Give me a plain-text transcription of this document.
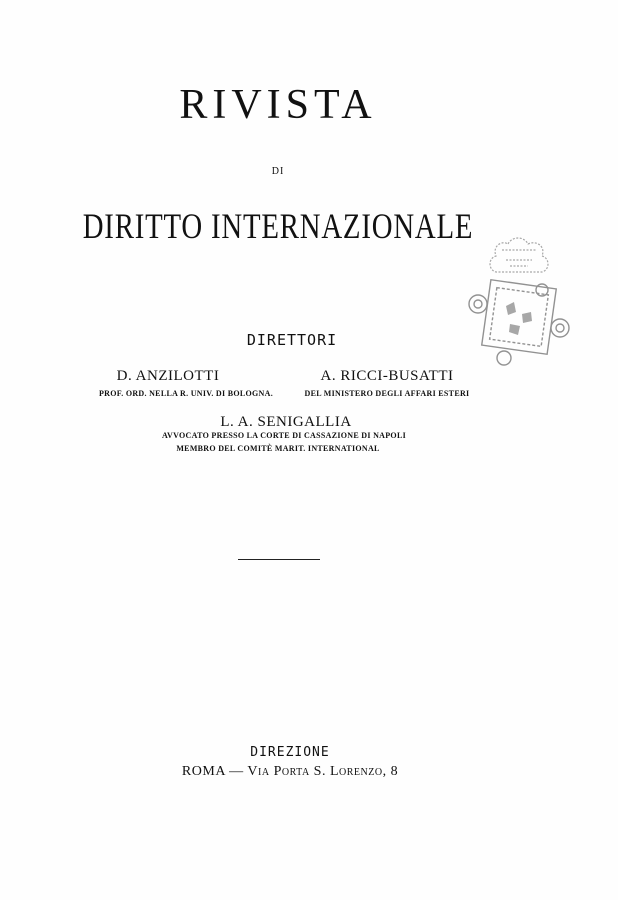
RIVISTA
DI
DIRITTO INTERNAZIONALE
DIRETTORI
D. ANZILOTTI
PROF. ORD. NELLA R. UNIV. DI BOLOGNA.
A. RICCI-BUSATTI
DEL MINISTERO DEGLI AFFARI ESTERI
L. A. SENIGALLIA
AVVOCATO PRESSO LA CORTE DI CASSAZIONE DI NAPOLI
MEMBRO DEL COMITÈ MARIT. INTERNATIONAL
DIREZIONE
ROMA — Via Porta S. Lorenzo, 8
